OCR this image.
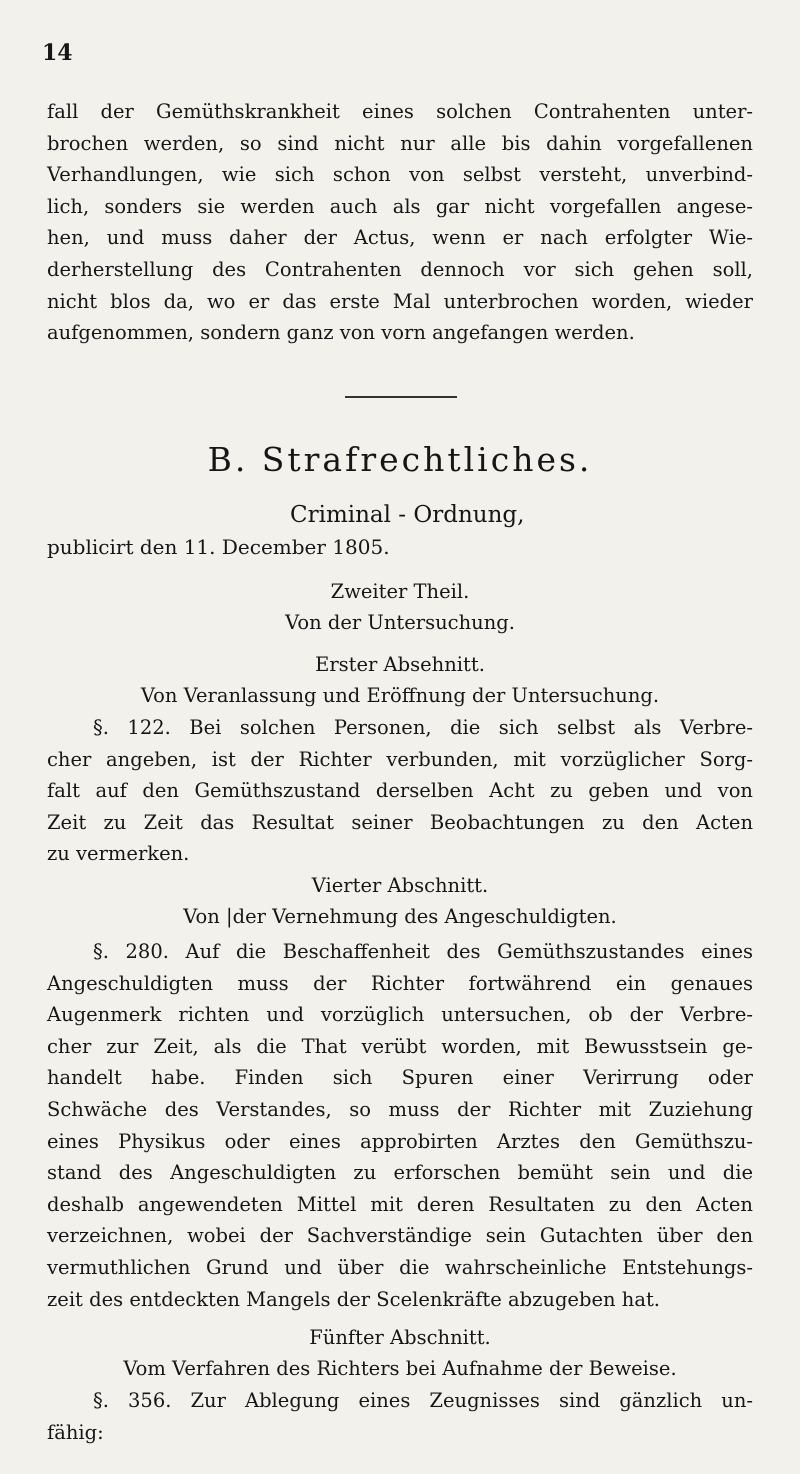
14
fall der Gemüthskrankheit eines solchen Contrahenten unter-
brochen werden, so sind nicht nur alle bis dahin vorgefallenen
Verhandlungen, wie sich schon von selbst versteht, unverbind-
lich, sonders sie werden auch als gar nicht vorgefallen angese-
hen, und muss daher der Actus, wenn er nach erfolgter Wie-
derherstellung des Contrahenten dennoch vor sich gehen soll,
nicht blos da, wo er das erste Mal unterbrochen worden, wieder
aufgenommen, sondern ganz von vorn angefangen werden.
B. Strafrechtliches.
Criminal - Ordnung,
publicirt den 11. December 1805.
Zweiter Theil.
Von der Untersuchung.
Erster Absehnitt.
Von Veranlassung und Eröffnung der Untersuchung.
§. 122. Bei solchen Personen, die sich selbst als Verbre-
cher angeben, ist der Richter verbunden, mit vorzüglicher Sorg-
falt auf den Gemüthszustand derselben Acht zu geben und von
Zeit zu Zeit das Resultat seiner Beobachtungen zu den Acten
zu vermerken.
Vierter Abschnitt.
Von |der Vernehmung des Angeschuldigten.
§. 280. Auf die Beschaffenheit des Gemüthszustandes eines
Angeschuldigten muss der Richter fortwährend ein genaues
Augenmerk richten und vorzüglich untersuchen, ob der Verbre-
cher zur Zeit, als die That verübt worden, mit Bewusstsein ge-
handelt habe. Finden sich Spuren einer Verirrung oder
Schwäche des Verstandes, so muss der Richter mit Zuziehung
eines Physikus oder eines approbirten Arztes den Gemüthszu-
stand des Angeschuldigten zu erforschen bemüht sein und die
deshalb angewendeten Mittel mit deren Resultaten zu den Acten
verzeichnen, wobei der Sachverständige sein Gutachten über den
vermuthlichen Grund und über die wahrscheinliche Entstehungs-
zeit des entdeckten Mangels der Scelenkräfte abzugeben hat.
Fünfter Abschnitt.
Vom Verfahren des Richters bei Aufnahme der Beweise.
§. 356. Zur Ablegung eines Zeugnisses sind gänzlich un-
fähig:
